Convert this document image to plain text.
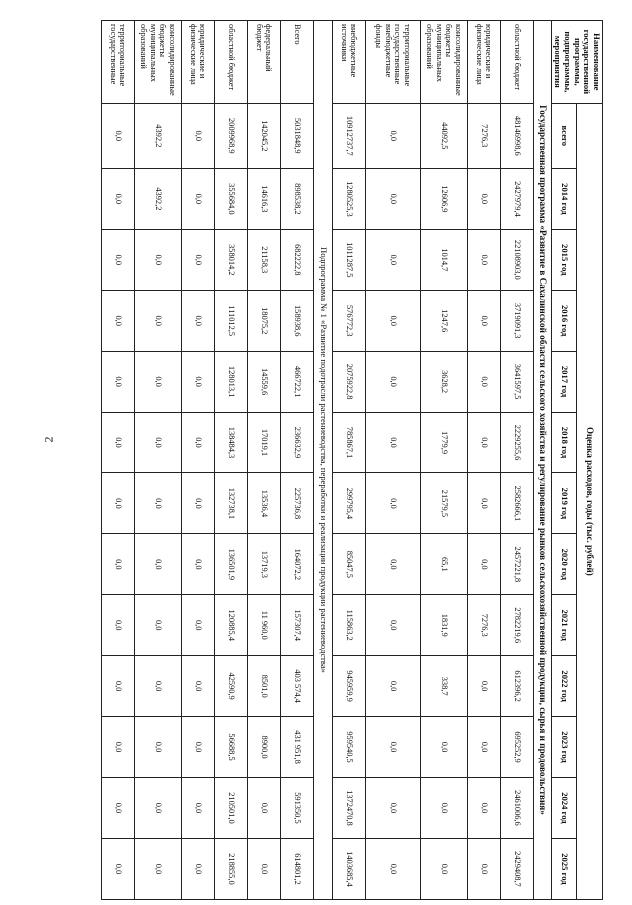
2
Наименование государственной программы, подпрограммы, мероприятия	Оценка расходов, годы (тыс. рублей)												
	всего	2014 год	2015 год	2016 год	2017 год	2018 год	2019 год	2020 год	2021 год	2022 год	2023 год	2024 год	2025 год
Государственная программа «Развитие в Сахалинской области сельского хозяйства и регулирование рынков сельскохозяйственной продукции, сырья и продовольствия»													
областной бюджет	48146998,6	2427979,4	22108903,0	3719091,3	3641597,5	2229255,6	2582666,1	2457221,8	2782219,6	612396,2	695252,9	2461006,6	2429408,7
юридические и физические лица	7276,3	0,0	0,0	0,0	0,0	0,0	0,0	0,0	7276,3	0,0	0,0	0,0	0,0
консолидированные бюджеты муниципальных образований	44092,5	12606,9	1014,7	1247,6	3628,2	1779,9	21579,5	65,1	1831,9	338,7	0,0	0,0	0,0
территориальные государственные внебюджетные фонды	0,0	0,0	0,0	0,0	0,0	0,0	0,0	0,0	0,0	0,0	0,0	0,0	0,0
внебюджетные источники	10912737,7	1280525,3	1011287,5	576772,3	2075922,8	785867,1	299795,4	85047,5	115863,2	945959,9	959540,5	1372470,8	1403685,4
Подпрограмма № 1 «Развитие подотрасли растениеводства, переработки и реализации продукции растениеводства»													
Всего	5031848,9	898538,2	682222,8	158938,6	466722,1	236632,9	225736,8	164072,2	157307,4	403 574,4	431 951,8	591350,5	614801,2
федеральный бюджет	142045,2	14616,3	21158,3	18075,2	14559,6	17019,1	13536,4	13719,3	11 960,0	8501,0	8900,0	0,0	0,0
областной бюджет	2009968,9	355684,0	358014,2	111012,5	128013,1	138484,3	132738,1	136501,9	120885,4	42590,9	56688,5	210501,0	218855,0
юридические и физические лица	0,0	0,0	0,0	0,0	0,0	0,0	0,0	0,0	0,0	0,0	0,0	0,0	0,0
консолидированные бюджеты муниципальных образований	4392,2	4392,2	0,0	0,0	0,0	0,0	0,0	0,0	0,0	0,0	0,0	0,0	0,0
территориальные государственные	0,0	0,0	0,0	0,0	0,0	0,0	0,0	0,0	0,0	0,0	0,0	0,0	0,0
